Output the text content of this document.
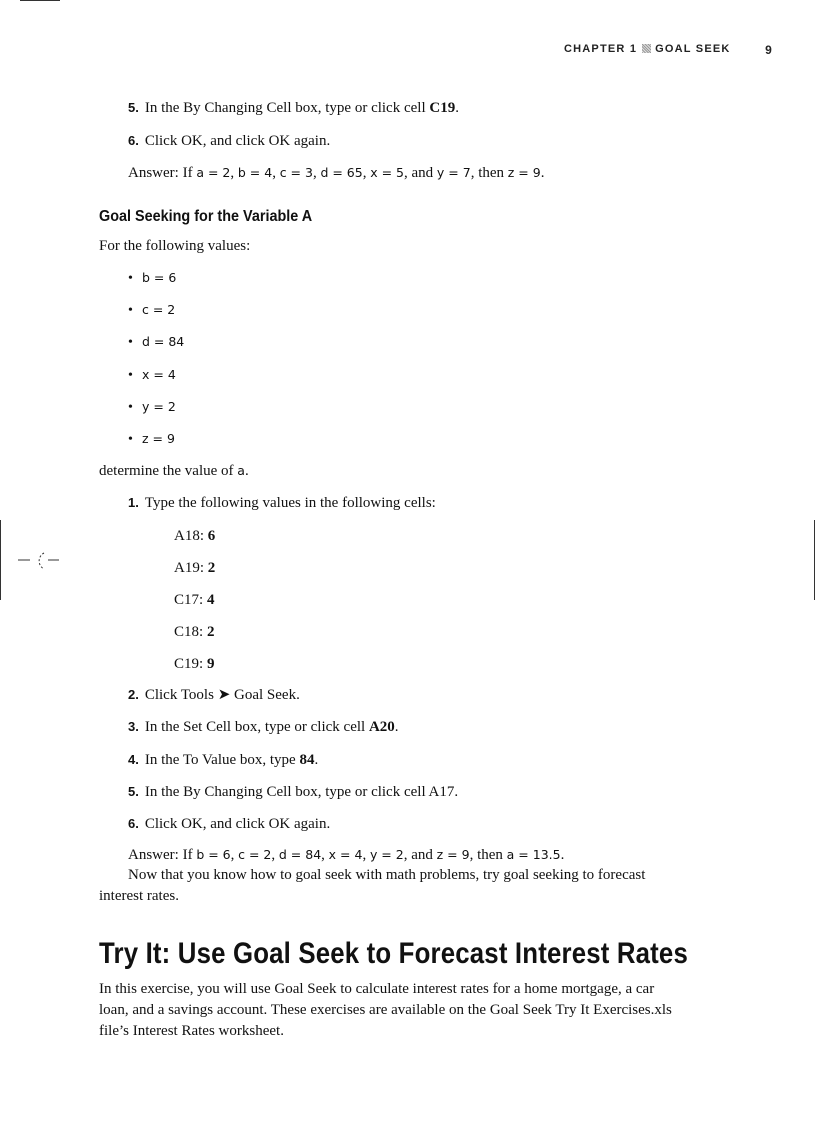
CHAPTER 1 GOAL SEEK	9
5. In the By Changing Cell box, type or click cell C19.
6. Click OK, and click OK again.
Answer: If a = 2, b = 4, c = 3, d = 65, x = 5, and y = 7, then z = 9.
Goal Seeking for the Variable A
For the following values:
• b = 6
• c = 2
• d = 84
• x = 4
• y = 2
• z = 9
determine the value of a.
1. Type the following values in the following cells:
A18: 6
A19: 2
C17: 4
C18: 2
C19: 9
2. Click Tools ➤ Goal Seek.
3. In the Set Cell box, type or click cell A20.
4. In the To Value box, type 84.
5. In the By Changing Cell box, type or click cell A17.
6. Click OK, and click OK again.
Answer: If b = 6, c = 2, d = 84, x = 4, y = 2, and z = 9, then a = 13.5.
Now that you know how to goal seek with math problems, try goal seeking to forecast
interest rates.
Try It: Use Goal Seek to Forecast Interest Rates
In this exercise, you will use Goal Seek to calculate interest rates for a home mortgage, a car
loan, and a savings account. These exercises are available on the Goal Seek Try It Exercises.xls
file’s Interest Rates worksheet.
